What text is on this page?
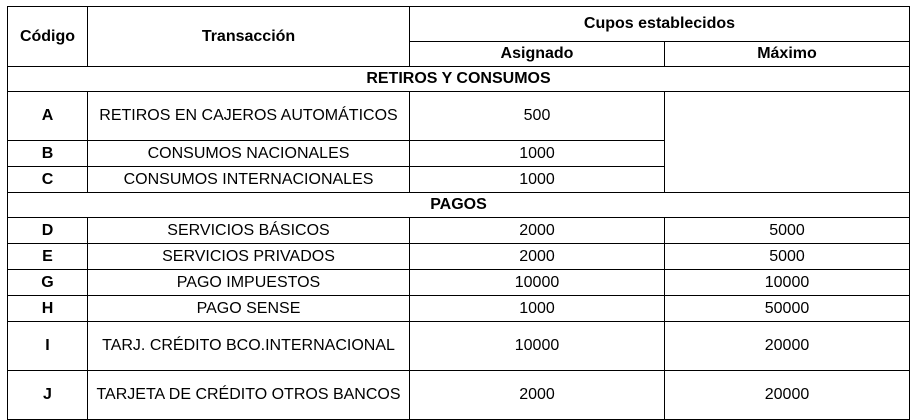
Código	Transacción	Cupos establecidos	
		Asignado	Máximo
RETIROS Y CONSUMOS			
A	RETIROS EN CAJEROS AUTOMÁTICOS	500	
B	CONSUMOS NACIONALES	1000	
C	CONSUMOS INTERNACIONALES	1000	
PAGOS			
D	SERVICIOS BÁSICOS	2000	5000
E	SERVICIOS PRIVADOS	2000	5000
G	PAGO IMPUESTOS	10000	10000
H	PAGO SENSE	1000	50000
I	TARJ. CRÉDITO BCO.INTERNACIONAL	10000	20000
J	TARJETA DE CRÉDITO OTROS BANCOS	2000	20000
